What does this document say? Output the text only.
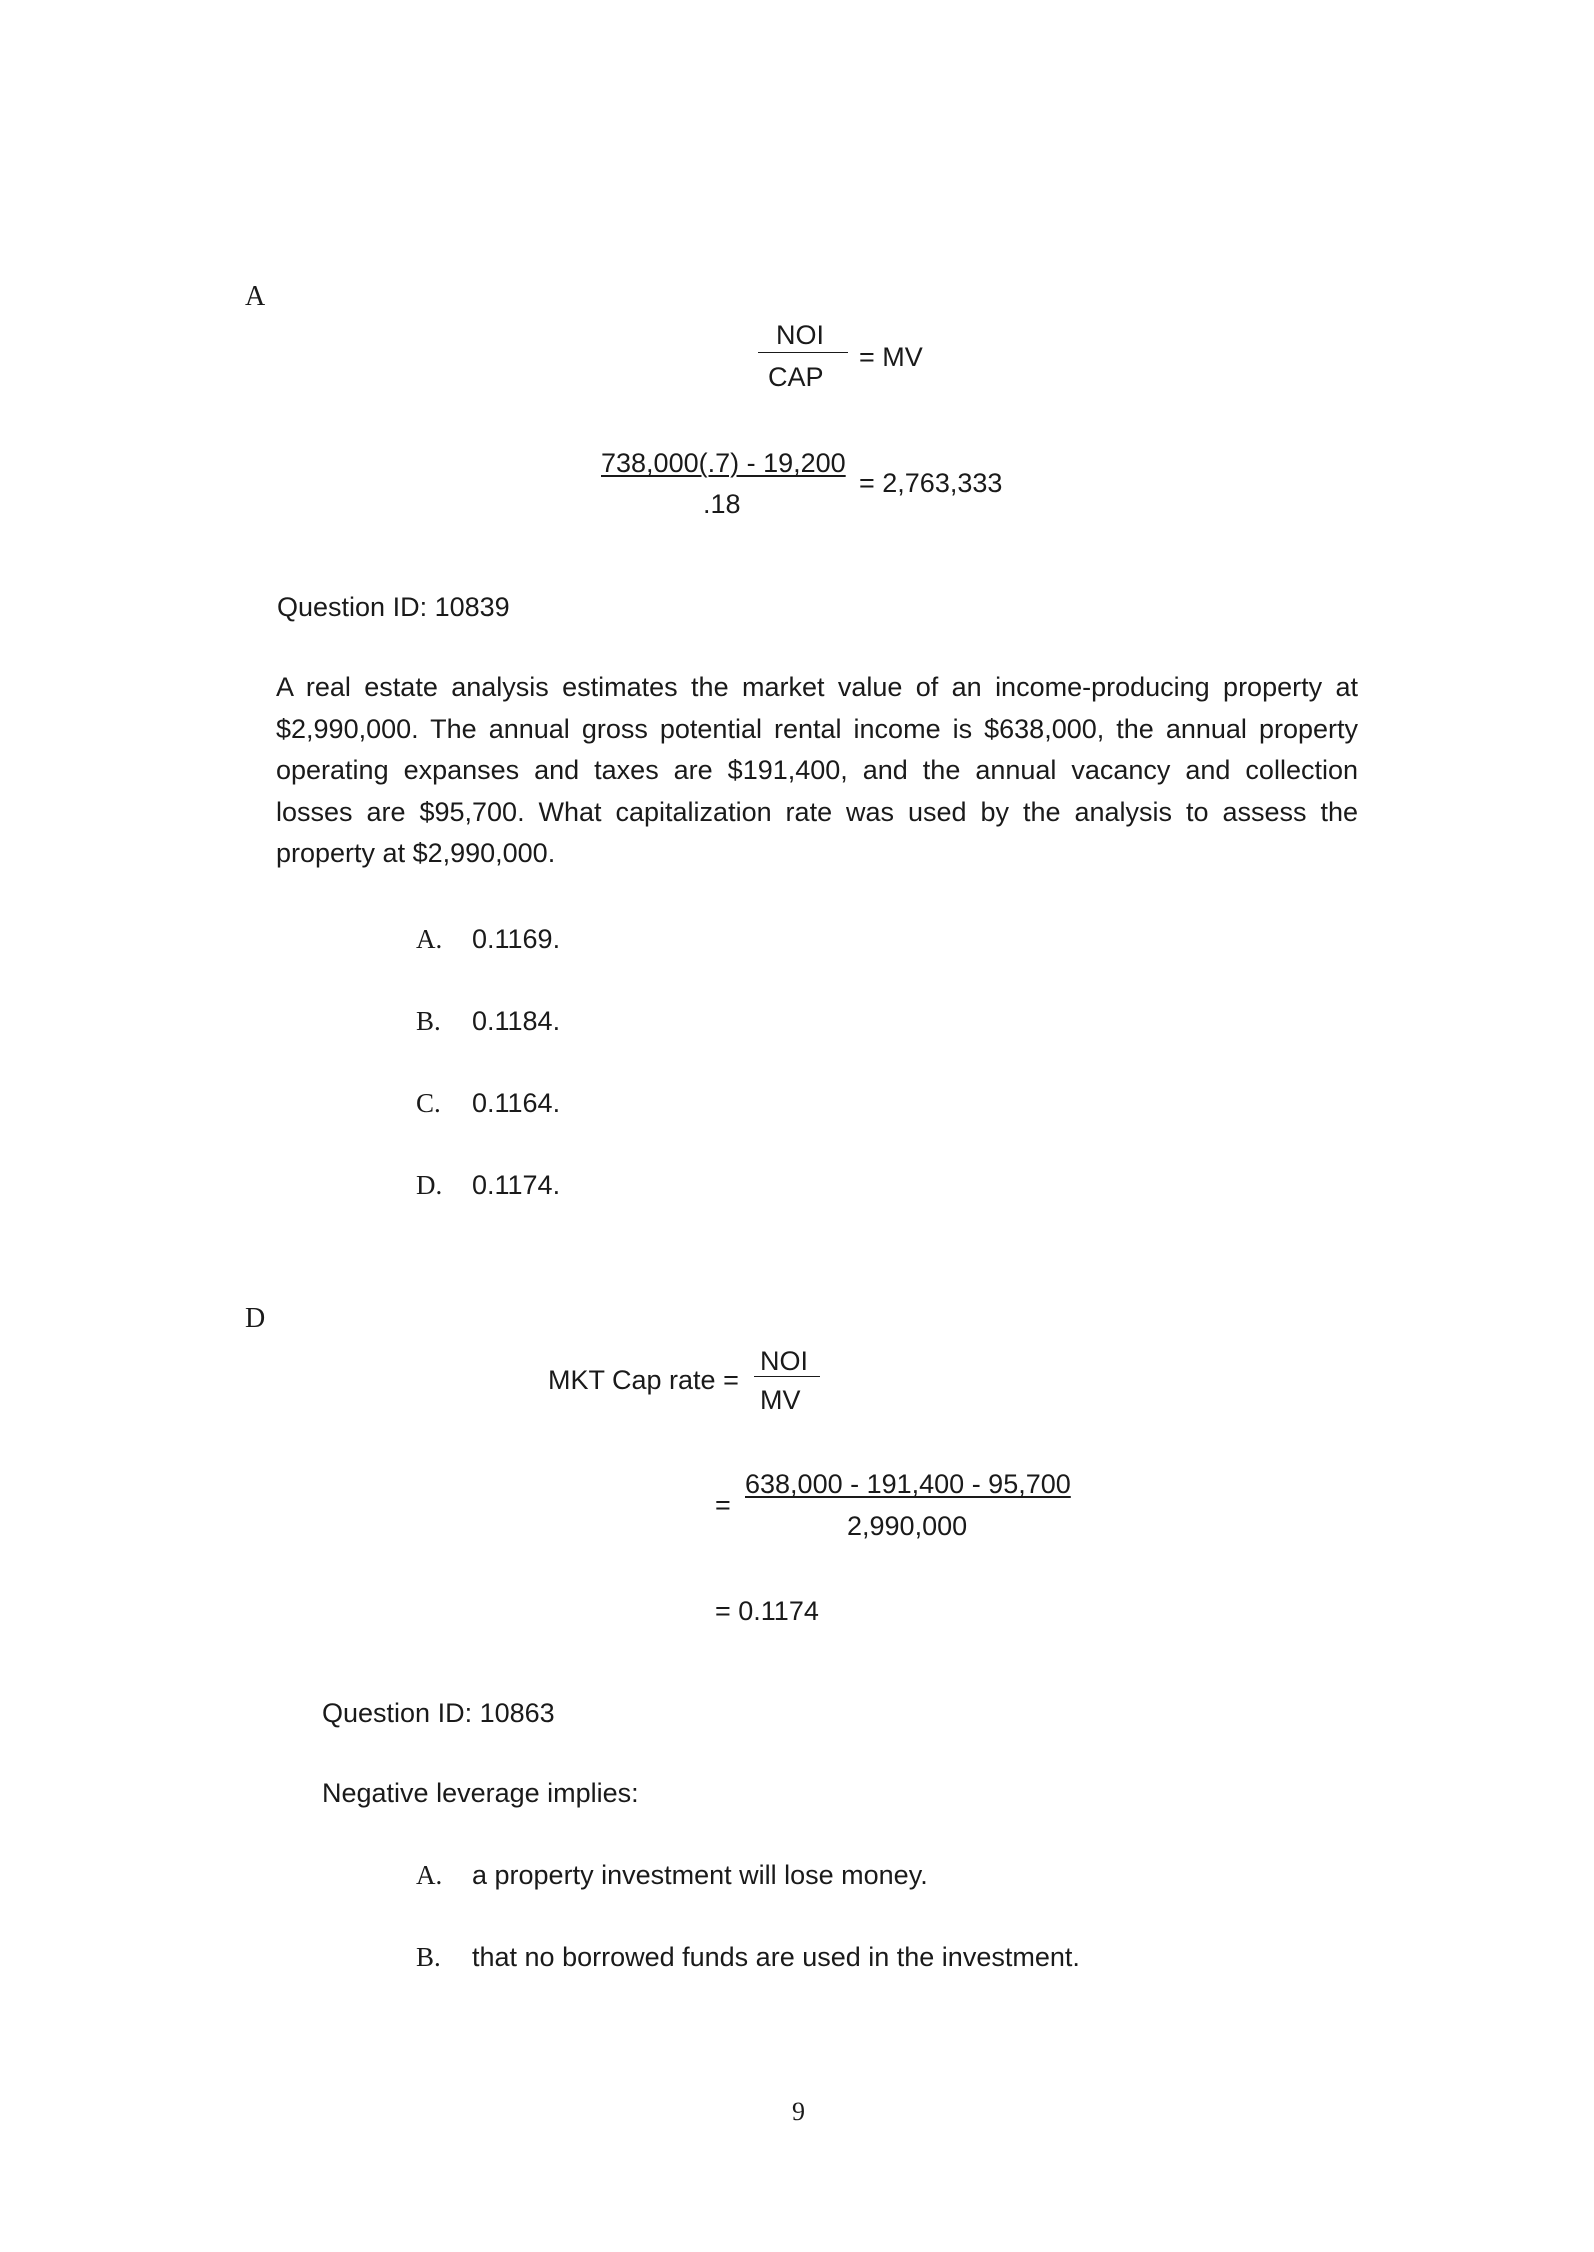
A
NOI
CAP
= MV
738,000(.7) - 19,200
.18
= 2,763,333
Question ID: 10839
A real estate analysis estimates the market value of an income-producing property at $2,990,000. The annual gross potential rental income is $638,000, the annual property operating expanses and taxes are $191,400, and the annual vacancy and collection losses are $95,700. What capitalization rate was used by the analysis to assess the property at $2,990,000.
A. 0.1169.
B. 0.1184.
C. 0.1164.
D. 0.1174.
D
MKT Cap rate =
NOI
MV
=
638,000 - 191,400 - 95,700
2,990,000
= 0.1174
Question ID: 10863
Negative leverage implies:
A. a property investment will lose money.
B. that no borrowed funds are used in the investment.
9
